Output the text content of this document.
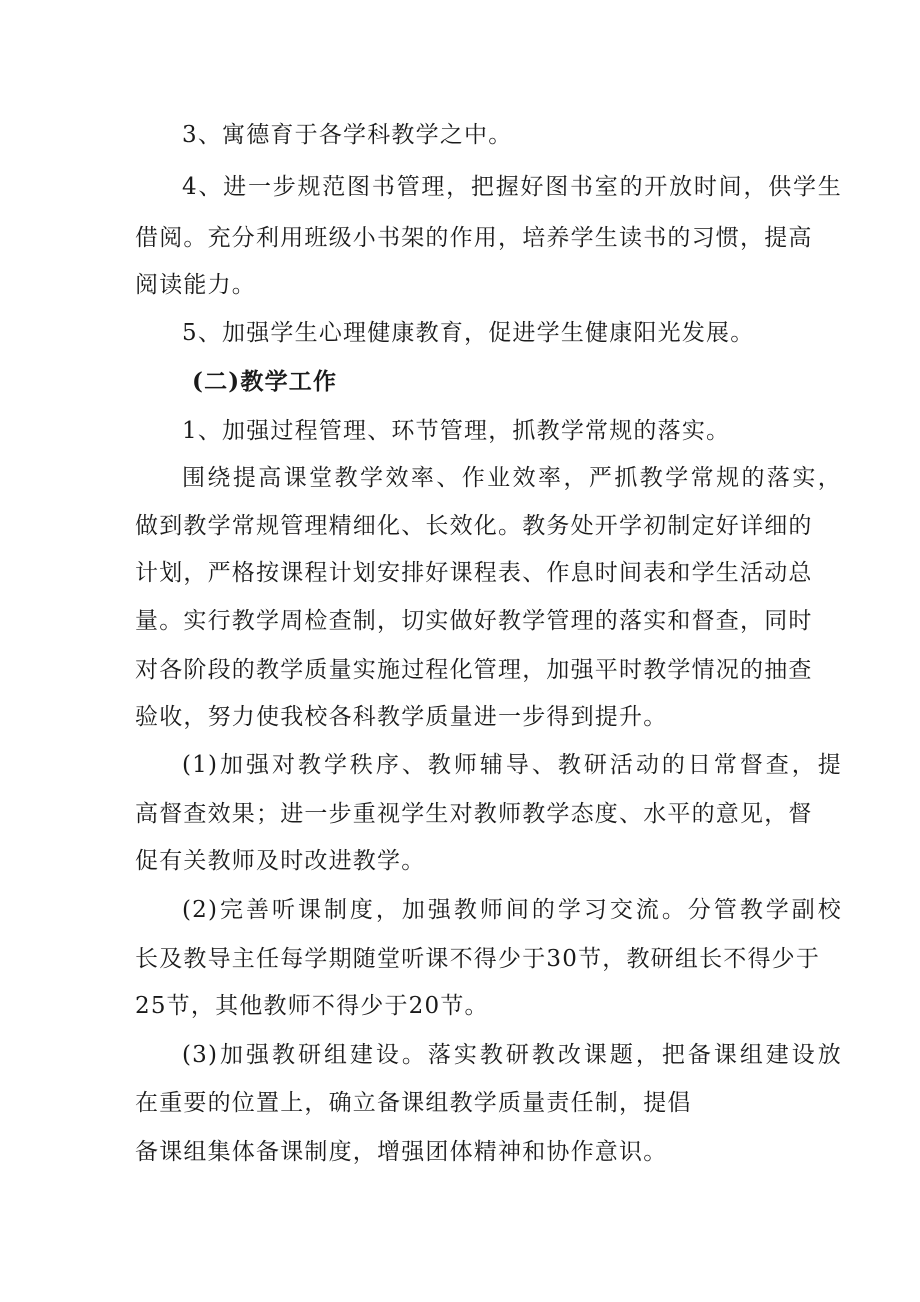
3、寓德育于各学科教学之中。
4、进一步规范图书管理，把握好图书室的开放时间，供学生
借阅。充分利用班级小书架的作用，培养学生读书的习惯，提高
阅读能力。
5、加强学生心理健康教育，促进学生健康阳光发展。
(二)教学工作
1、加强过程管理、环节管理，抓教学常规的落实。
围绕提高课堂教学效率、作业效率，严抓教学常规的落实，
做到教学常规管理精细化、长效化。教务处开学初制定好详细的
计划，严格按课程计划安排好课程表、作息时间表和学生活动总
量。实行教学周检查制，切实做好教学管理的落实和督查，同时
对各阶段的教学质量实施过程化管理，加强平时教学情况的抽查
验收，努力使我校各科教学质量进一步得到提升。
(1)加强对教学秩序、教师辅导、教研活动的日常督查，提
高督查效果；进一步重视学生对教师教学态度、水平的意见，督
促有关教师及时改进教学。
(2)完善听课制度，加强教师间的学习交流。分管教学副校
长及教导主任每学期随堂听课不得少于30节，教研组长不得少于
25节，其他教师不得少于20节。
(3)加强教研组建设。落实教研教改课题，把备课组建设放
在重要的位置上，确立备课组教学质量责任制，提倡
备课组集体备课制度，增强团体精神和协作意识。
